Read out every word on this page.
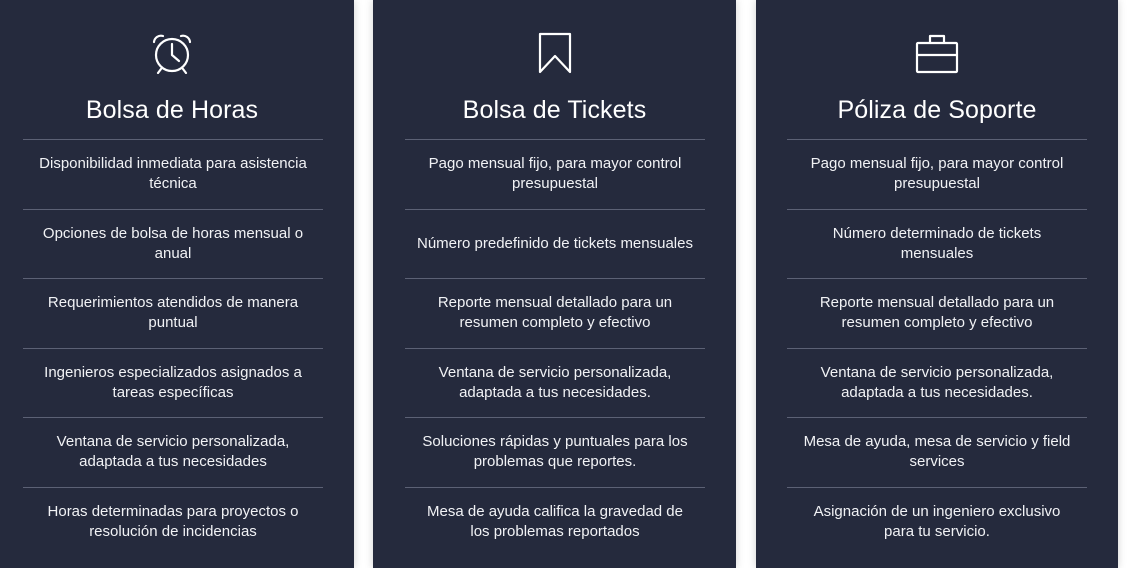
Bolsa de Horas
Disponibilidad inmediata para asistencia técnica
Opciones de bolsa de horas mensual o anual
Requerimientos atendidos de manera puntual
Ingenieros especializados asignados a tareas específicas
Ventana de servicio personalizada, adaptada a tus necesidades
Horas determinadas para proyectos o resolución de incidencias
Bolsa de Tickets
Pago mensual fijo, para mayor control presupuestal
Número predefinido de tickets mensuales
Reporte mensual detallado para un resumen completo y efectivo
Ventana de servicio personalizada, adaptada a tus necesidades.
Soluciones rápidas y puntuales para los problemas que reportes.
Mesa de ayuda califica la gravedad de los problemas reportados
Póliza de Soporte
Pago mensual fijo, para mayor control presupuestal
Número determinado de tickets mensuales
Reporte mensual detallado para un resumen completo y efectivo
Ventana de servicio personalizada, adaptada a tus necesidades.
Mesa de ayuda, mesa de servicio y field services
Asignación de un ingeniero exclusivo para tu servicio.
